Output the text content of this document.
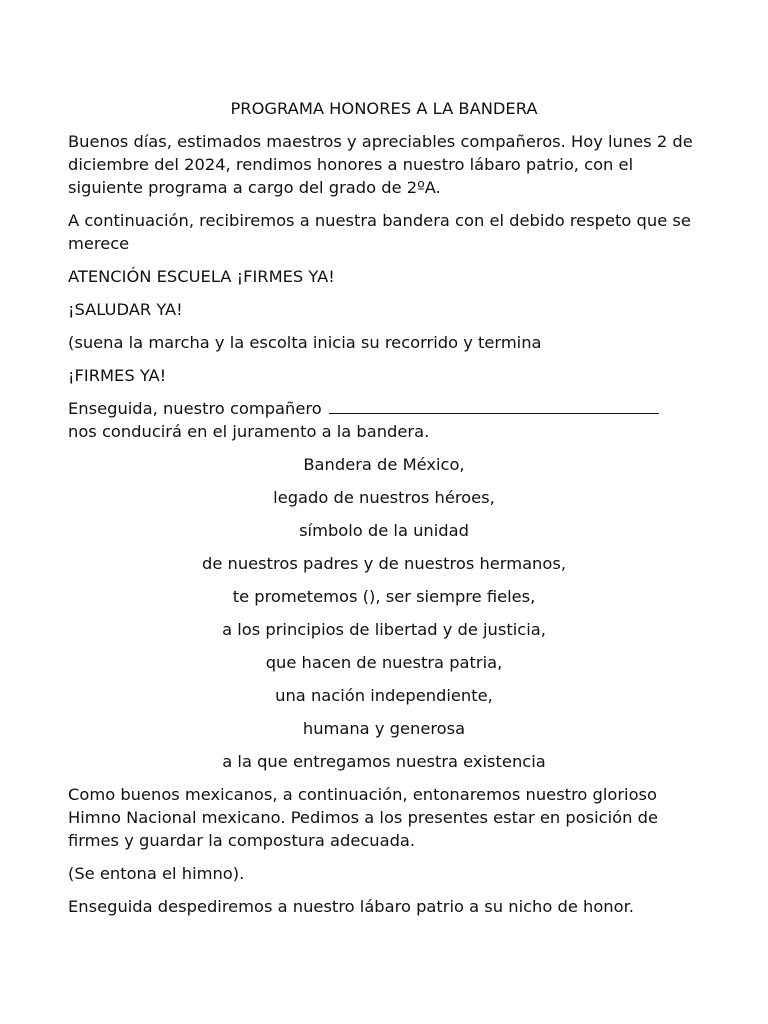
PROGRAMA HONORES A LA BANDERA

Buenos días, estimados maestros y apreciables compañeros. Hoy lunes 2 de diciembre del 2024, rendimos honores a nuestro lábaro patrio, con el siguiente programa a cargo del grado de 2ºA.

A continuación, recibiremos a nuestra bandera con el debido respeto que se merece

ATENCIÓN ESCUELA ¡FIRMES YA!

¡SALUDAR YA!

(suena la marcha y la escolta inicia su recorrido y termina

¡FIRMES YA!

Enseguida, nuestro compañero
nos conducirá en el juramento a la bandera.

Bandera de México,

legado de nuestros héroes,

símbolo de la unidad

de nuestros padres y de nuestros hermanos,

te prometemos (), ser siempre fieles,

a los principios de libertad y de justicia,

que hacen de nuestra patria,

una nación independiente,

humana y generosa

a la que entregamos nuestra existencia

Como buenos mexicanos, a continuación, entonaremos nuestro glorioso Himno Nacional mexicano. Pedimos a los presentes estar en posición de firmes y guardar la compostura adecuada.

(Se entona el himno).

Enseguida despediremos a nuestro lábaro patrio a su nicho de honor.
